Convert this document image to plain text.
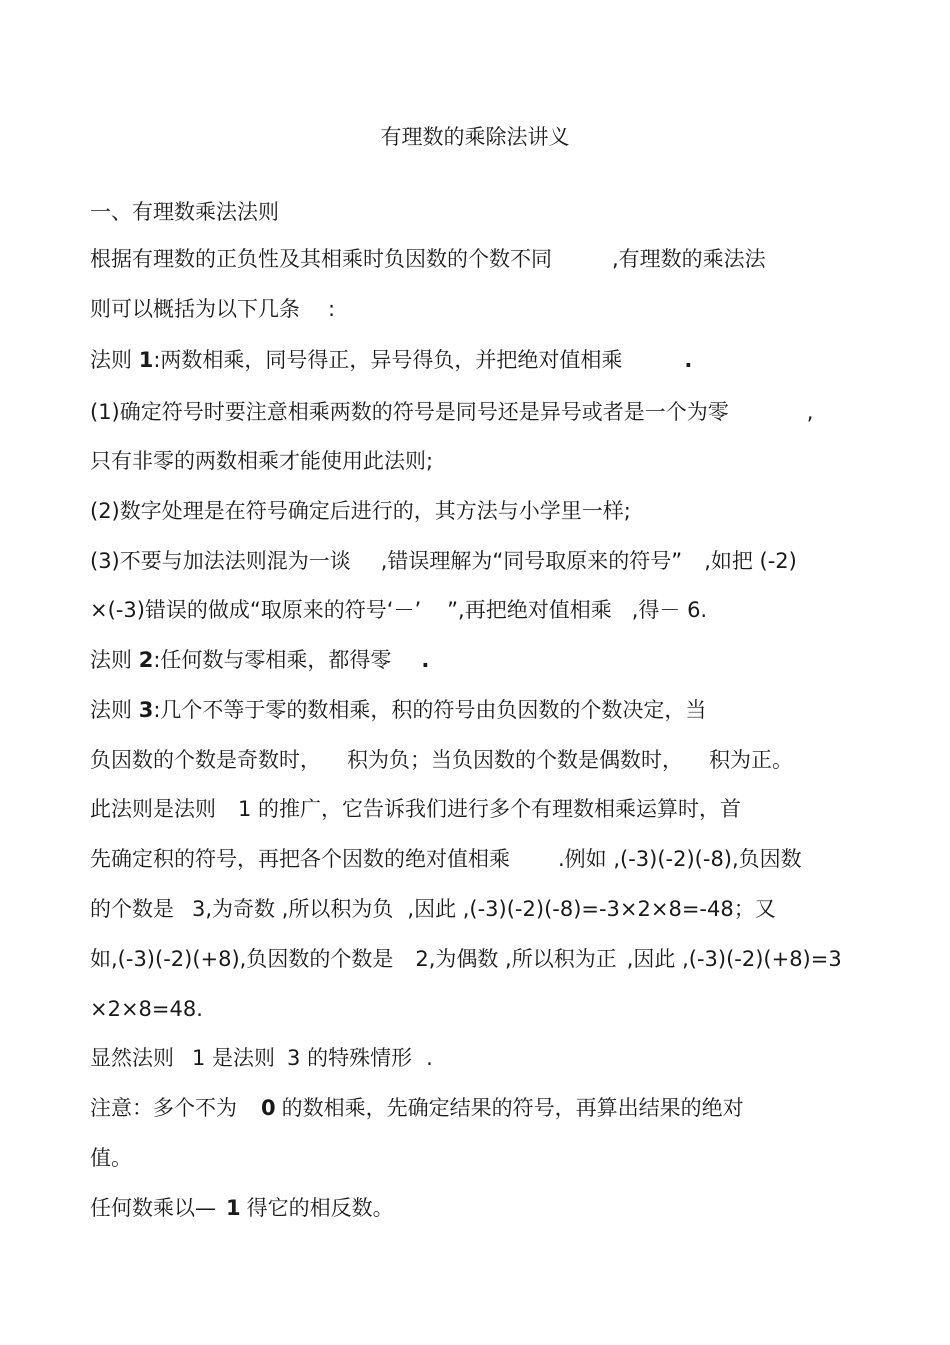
有理数的乘除法讲义
一、有理数乘法法则
根据有理数的正负性及其相乘时负因数的个数不同	,有理数的乘法法
则可以概括为以下几条 :
法则 1:两数相乘，同号得正，异号得负，并把绝对值相乘	.
(1)确定符号时要注意相乘两数的符号是同号还是异号或者是一个为零	,
只有非零的两数相乘才能使用此法则;
(2)数字处理是在符号确定后进行的，其方法与小学里一样;
(3)不要与加法法则混为一谈 ,错误理解为“同号取原来的符号” ,如把 (-2)
×(-3)错误的做成“取原来的符号‘－’ ”,再把绝对值相乘 ,得－ 6.
法则 2:任何数与零相乘，都得零 .
法则 3:几个不等于零的数相乘，积的符号由负因数的个数决定，当
负因数的个数是奇数时， 积为负；当负因数的个数是偶数时， 积为正。
此法则是法则 1 的推广，它告诉我们进行多个有理数相乘运算时，首
先确定积的符号，再把各个因数的绝对值相乘 .例如 ,(-3)(-2)(-8),负因数
的个数是 3,为奇数 ,所以积为负 ,因此 ,(-3)(-2)(-8)=-3×2×8=-48；又
如,(-3)(-2)(+8),负因数的个数是 2,为偶数 ,所以积为正 ,因此 ,(-3)(-2)(+8)=3
×2×8=48.
显然法则 1 是法则 3 的特殊情形 .
注意：多个不为 0 的数相乘，先确定结果的符号，再算出结果的绝对
值。
任何数乘以— 1 得它的相反数。
